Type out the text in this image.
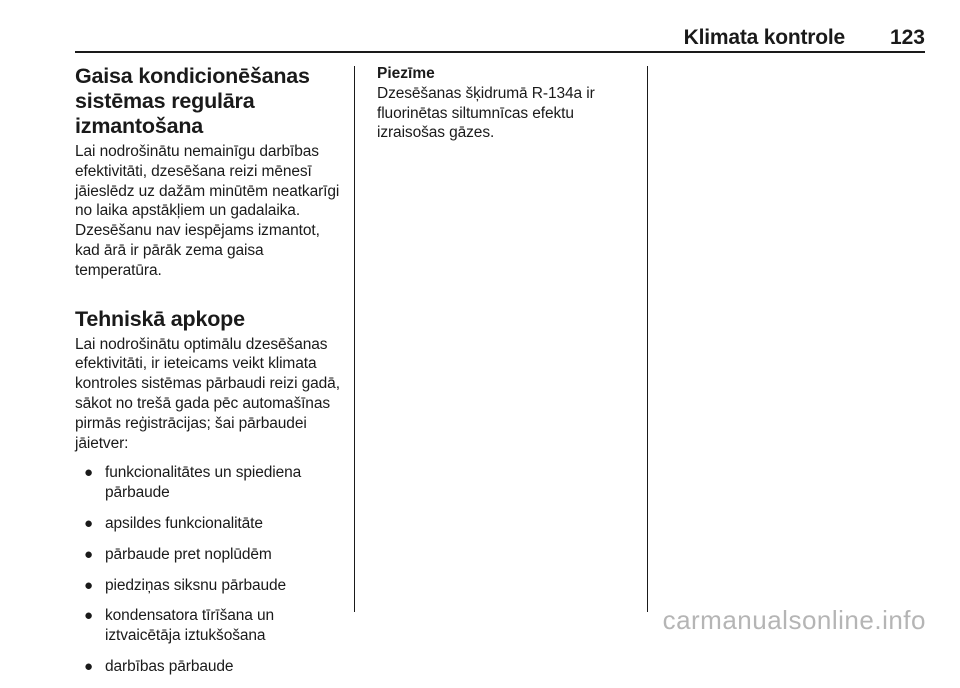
Klimata kontrole 123
Gaisa kondicionēšanas sistēmas regulāra izmantošana

Lai nodrošinātu nemainīgu darbības efektivitāti, dzesēšana reizi mēnesī jāieslēdz uz dažām minūtēm neatkarīgi no laika apstākļiem un gadalaika. Dzesēšanu nav iespējams izmantot, kad ārā ir pārāk zema gaisa temperatūra.

Tehniskā apkope

Lai nodrošinātu optimālu dzesēšanas efektivitāti, ir ieteicams veikt klimata kontroles sistēmas pārbaudi reizi gadā, sākot no trešā gada pēc automašīnas pirmās reģistrācijas; šai pārbaudei jāietver:

● funkcionalitātes un spiediena pārbaude
● apsildes funkcionalitāte
● pārbaude pret noplūdēm
● piedziņas siksnu pārbaude
● kondensatora tīrīšana un iztvaicētāja iztukšošana
● darbības pārbaude
Piezīme

Dzesēšanas šķidrumā R-134a ir fluorinētas siltumnīcas efektu izraisošas gāzes.

carmanualsonline.info
